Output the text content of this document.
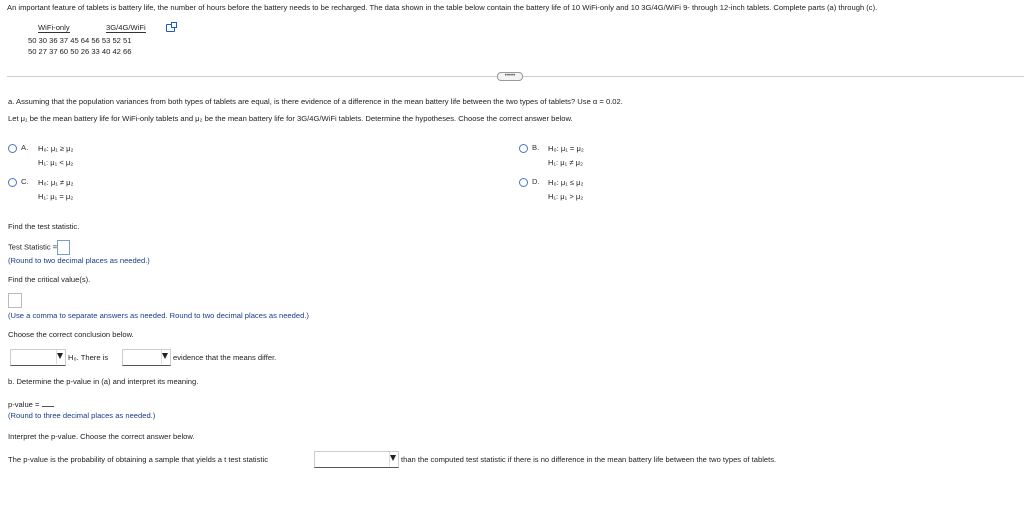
An important feature of tablets is battery life, the number of hours before the battery needs to be recharged. The data shown in the table below contain the battery life of 10 WiFi-only and 10 3G/4G/WiFi 9- through 12-inch tablets. Complete parts (a) through (c).
WiFi-only	3G/4G/WiFi
50 30 36 37 45 64 56 53 52 51
50 27 37 60 50 26 33 40 42 66
•••••
a. Assuming that the population variances from both types of tablets are equal, is there evidence of a difference in the mean battery life between the two types of tablets? Use α = 0.02.
Let μ₁ be the mean battery life for WiFi-only tablets and μ₂ be the mean battery life for 3G/4G/WiFi tablets. Determine the hypotheses. Choose the correct answer below.
A.	H₀: μ₁ ≥ μ₂
H₁: μ₁ < μ₂
B.	H₀: μ₁ = μ₂
H₁: μ₁ ≠ μ₂
C.	H₀: μ₁ ≠ μ₂
H₁: μ₁ = μ₂
D.	H₀: μ₁ ≤ μ₂
H₁: μ₁ > μ₂
Find the test statistic.
Test Statistic =
(Round to two decimal places as needed.)
Find the critical value(s).
(Use a comma to separate answers as needed. Round to two decimal places as needed.)
Choose the correct conclusion below.
H₀. There is	evidence that the means differ.
b. Determine the p-value in (a) and interpret its meaning.
p-value =
(Round to three decimal places as needed.)
Interpret the p-value. Choose the correct answer below.
The p-value is the probability of obtaining a sample that yields a t test statistic	than the computed test statistic if there is no difference in the mean battery life between the two types of tablets.
